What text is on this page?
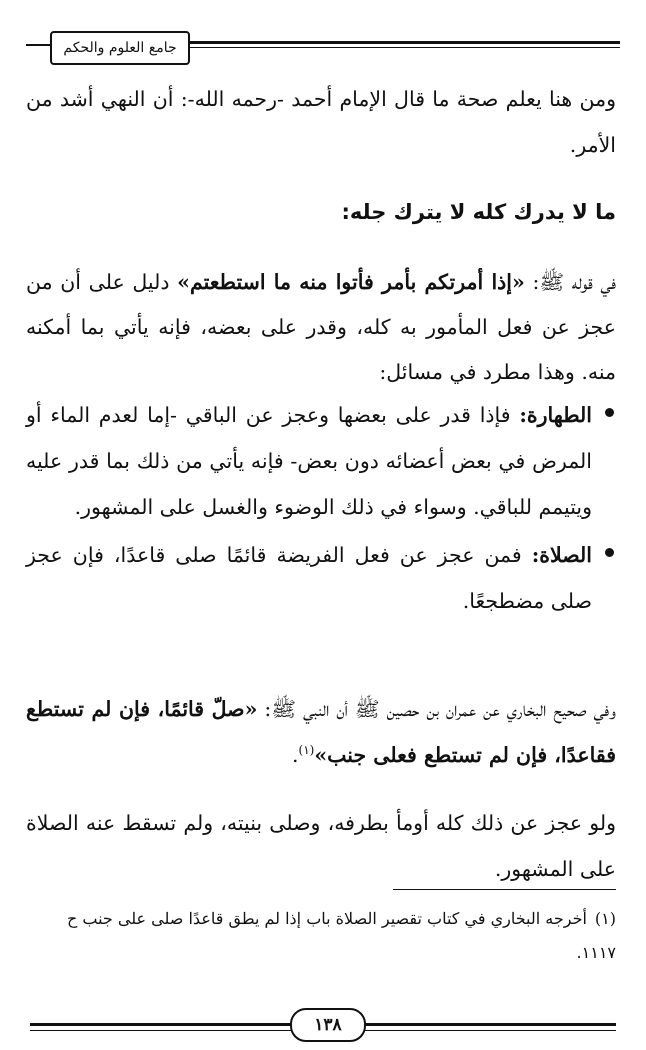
جامع العلوم والحكم
ومن هنا يعلم صحة ما قال الإمام أحمد -رحمه الله-: أن النهي أشد من الأمر.
ما لا يدرك كله لا يترك جله:
في قوله ﷺ: «إذا أمرتكم بأمر فأتوا منه ما استطعتم» دليل على أن من عجز عن فعل المأمور به كله، وقدر على بعضه، فإنه يأتي بما أمكنه منه. وهذا مطرد في مسائل:
الطهارة: فإذا قدر على بعضها وعجز عن الباقي -إما لعدم الماء أو المرض في بعض أعضائه دون بعض- فإنه يأتي من ذلك بما قدر عليه ويتيمم للباقي. وسواء في ذلك الوضوء والغسل على المشهور.
الصلاة: فمن عجز عن فعل الفريضة قائمًا صلى قاعدًا، فإن عجز صلى مضطجعًا.
وفي صحيح البخاري عن عمران بن حصين ﷺ أن النبي ﷺ: «صلّ قائمًا، فإن لم تستطع فقاعدًا، فإن لم تستطع فعلى جنب»$^{(١)}$.
ولو عجز عن ذلك كله أومأ بطرفه، وصلى بنيته، ولم تسقط عنه الصلاة على المشهور.
(١)أخرجه البخاري في كتاب تقصير الصلاة باب إذا لم يطق قاعدًا صلى على جنب ح ١١١٧.
١٣٨
